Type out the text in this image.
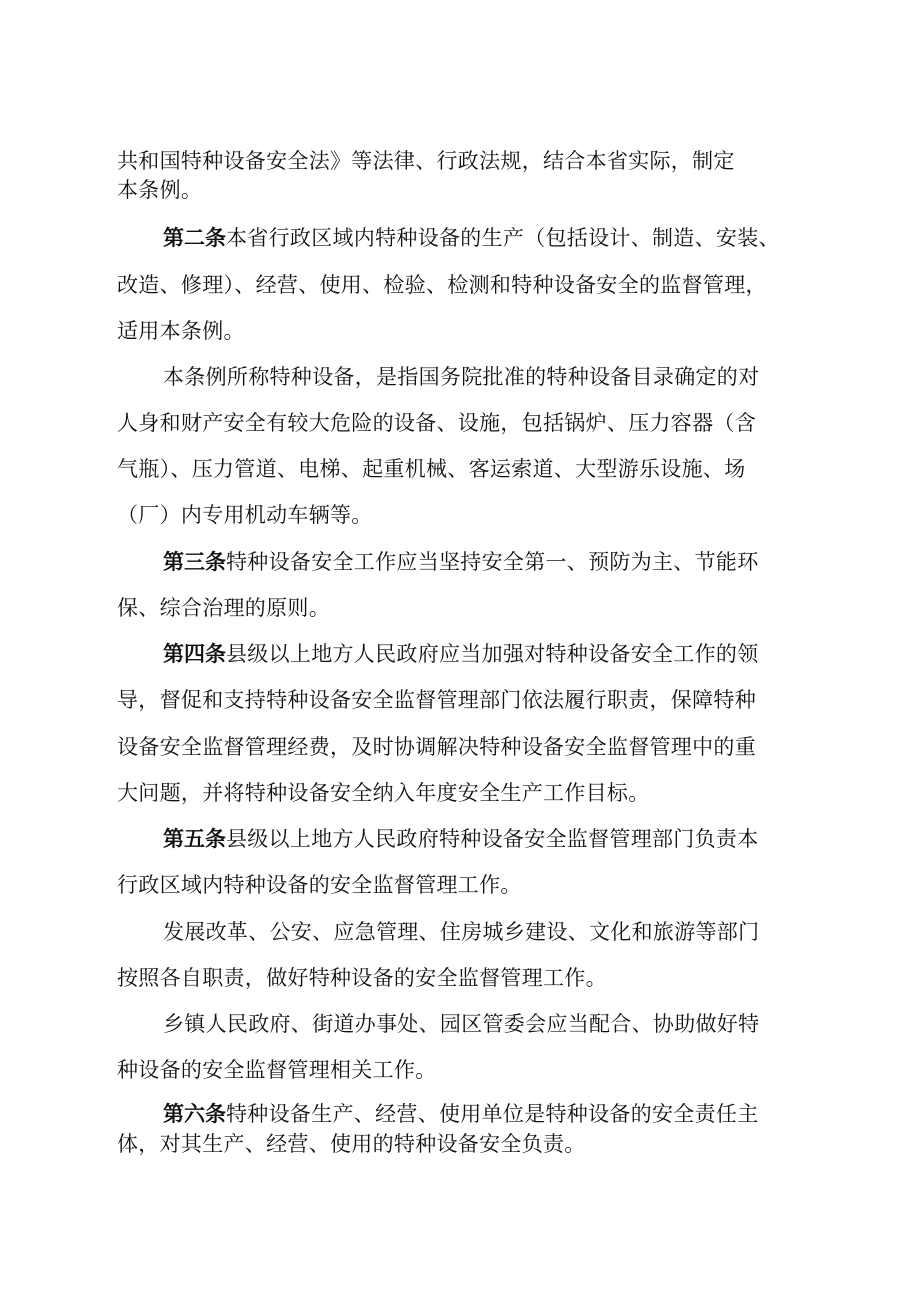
共和国特种设备安全法》等法律、行政法规，结合本省实际，制定
本条例。
第二条本省行政区域内特种设备的生产（包括设计、制造、安装、
改造、修理）、经营、使用、检验、检测和特种设备安全的监督管理，
适用本条例。
本条例所称特种设备，是指国务院批准的特种设备目录确定的对
人身和财产安全有较大危险的设备、设施，包括锅炉、压力容器（含
气瓶）、压力管道、电梯、起重机械、客运索道、大型游乐设施、场
（厂）内专用机动车辆等。
第三条特种设备安全工作应当坚持安全第一、预防为主、节能环
保、综合治理的原则。
第四条县级以上地方人民政府应当加强对特种设备安全工作的领
导，督促和支持特种设备安全监督管理部门依法履行职责，保障特种
设备安全监督管理经费，及时协调解决特种设备安全监督管理中的重
大问题，并将特种设备安全纳入年度安全生产工作目标。
第五条县级以上地方人民政府特种设备安全监督管理部门负责本
行政区域内特种设备的安全监督管理工作。
发展改革、公安、应急管理、住房城乡建设、文化和旅游等部门
按照各自职责，做好特种设备的安全监督管理工作。
乡镇人民政府、街道办事处、园区管委会应当配合、协助做好特
种设备的安全监督管理相关工作。
第六条特种设备生产、经营、使用单位是特种设备的安全责任主
体，对其生产、经营、使用的特种设备安全负责。
